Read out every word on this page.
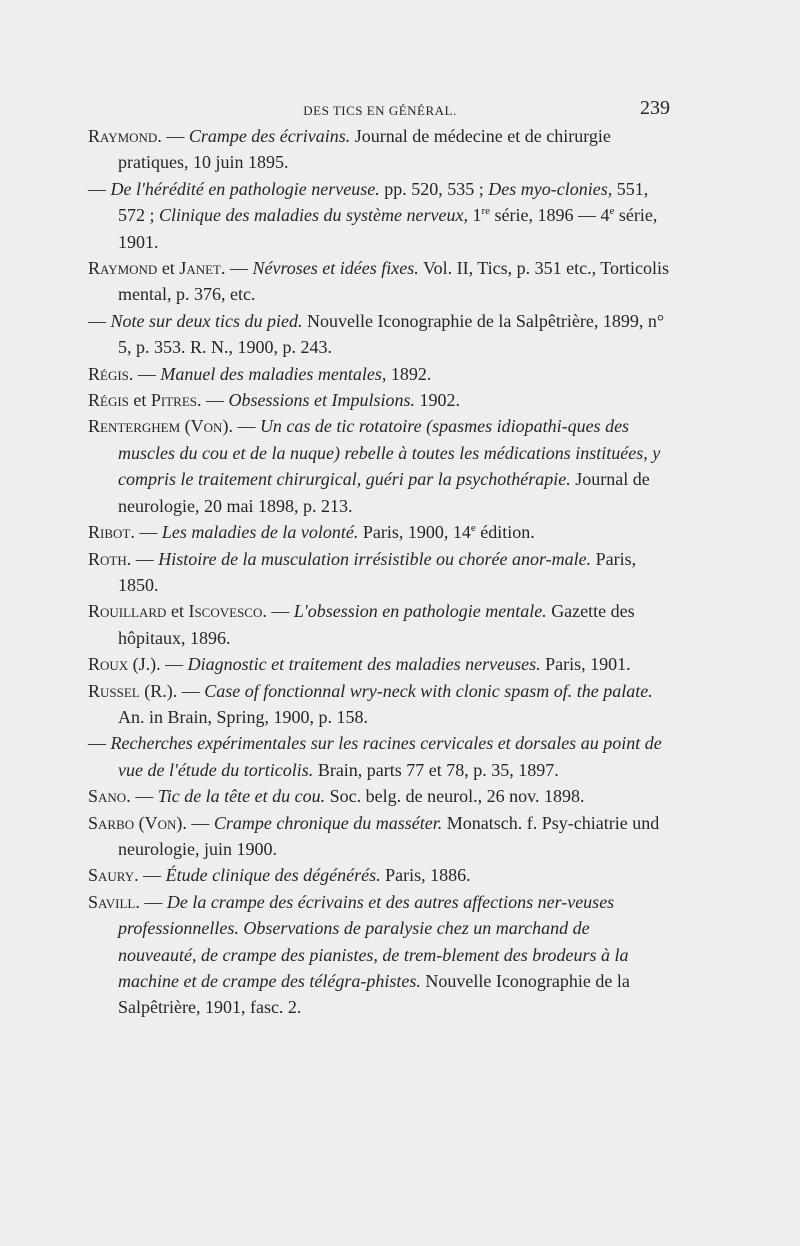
DES TICS EN GÉNÉRAL.	239

Raymond. — Crampe des écrivains. Journal de médecine et de chirurgie pratiques, 10 juin 1895.

— De l'hérédité en pathologie nerveuse. pp. 520, 535 ; Des myo-clonies, 551, 572 ; Clinique des maladies du système nerveux, 1re série, 1896 — 4e série, 1901.

Raymond et Janet. — Névroses et idées fixes. Vol. II, Tics, p. 351 etc., Torticolis mental, p. 376, etc.

— Note sur deux tics du pied. Nouvelle Iconographie de la Salpêtrière, 1899, n° 5, p. 353. R. N., 1900, p. 243.

Régis. — Manuel des maladies mentales, 1892.

Régis et Pitres. — Obsessions et Impulsions. 1902.

Renterghem (Von). — Un cas de tic rotatoire (spasmes idiopathi-ques des muscles du cou et de la nuque) rebelle à toutes les médications instituées, y compris le traitement chirurgical, guéri par la psychothérapie. Journal de neurologie, 20 mai 1898, p. 213.

Ribot. — Les maladies de la volonté. Paris, 1900, 14e édition.

Roth. — Histoire de la musculation irrésistible ou chorée anor-male. Paris, 1850.

Rouillard et Iscovesco. — L'obsession en pathologie mentale. Gazette des hôpitaux, 1896.

Roux (J.). — Diagnostic et traitement des maladies nerveuses. Paris, 1901.

Russel (R.). — Case of fonctionnal wry-neck with clonic spasm of. the palate. An. in Brain, Spring, 1900, p. 158.

— Recherches expérimentales sur les racines cervicales et dorsales au point de vue de l'étude du torticolis. Brain, parts 77 et 78, p. 35, 1897.

Sano. — Tic de la tête et du cou. Soc. belg. de neurol., 26 nov. 1898.

Sarbo (Von). — Crampe chronique du masséter. Monatsch. f. Psy-chiatrie und neurologie, juin 1900.

Saury. — Étude clinique des dégénérés. Paris, 1886.

Savill. — De la crampe des écrivains et des autres affections ner-veuses professionnelles. Observations de paralysie chez un marchand de nouveauté, de crampe des pianistes, de trem-blement des brodeurs à la machine et de crampe des télégra-phistes. Nouvelle Iconographie de la Salpêtrière, 1901, fasc. 2.
